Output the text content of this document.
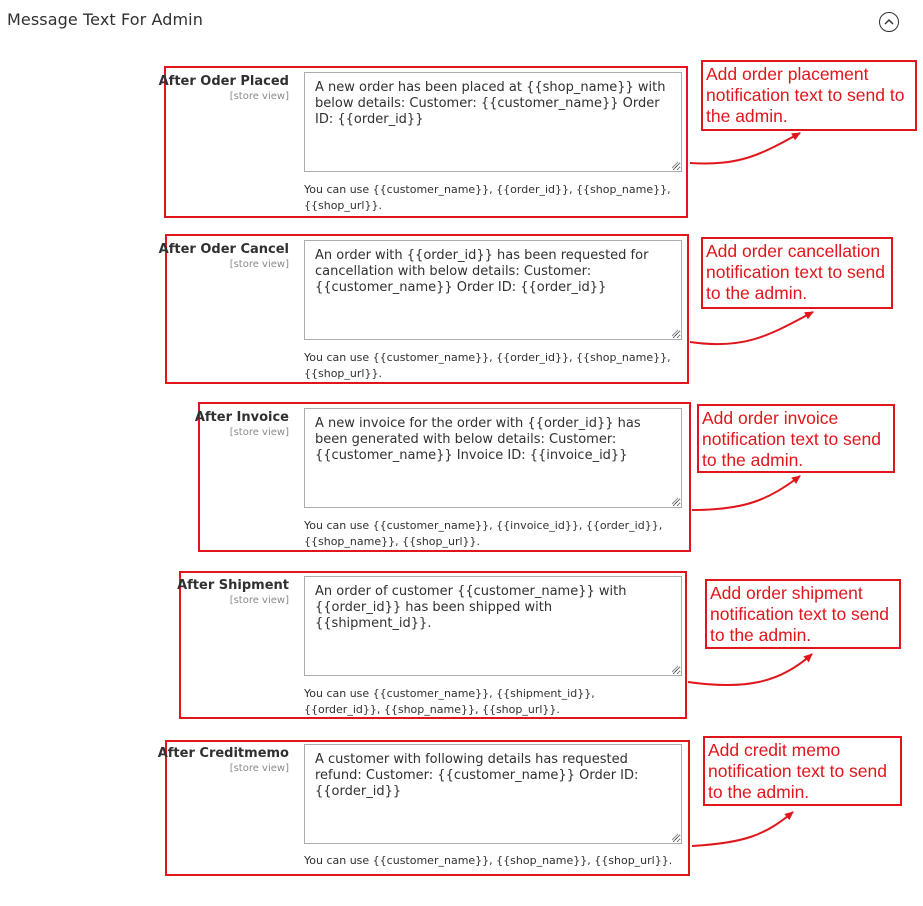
Message Text For Admin
After Oder Placed
[store view]
A new order has been placed at {{shop_name}} with below details: Customer: {{customer_name}} Order ID: {{order_id}}
You can use {{customer_name}}, {{order_id}}, {{shop_name}}, {{shop_url}}.
Add order placement notification text to send to the admin.
After Oder Cancel
[store view]
An order with {{order_id}} has been requested for cancellation with below details: Customer: {{customer_name}} Order ID: {{order_id}}
You can use {{customer_name}}, {{order_id}}, {{shop_name}}, {{shop_url}}.
Add order cancellation notification text to send to the admin.
After Invoice
[store view]
A new invoice for the order with {{order_id}} has been generated with below details: Customer: {{customer_name}} Invoice ID: {{invoice_id}}
You can use {{customer_name}}, {{invoice_id}}, {{order_id}}, {{shop_name}}, {{shop_url}}.
Add order invoice notification text to send to the admin.
After Shipment
[store view]
An order of customer {{customer_name}} with {{order_id}} has been shipped with {{shipment_id}}.
You can use {{customer_name}}, {{shipment_id}}, {{order_id}}, {{shop_name}}, {{shop_url}}.
Add order shipment notification text to send to the admin.
After Creditmemo
[store view]
A customer with following details has requested refund: Customer: {{customer_name}} Order ID: {{order_id}}
You can use {{customer_name}}, {{shop_name}}, {{shop_url}}.
Add credit memo notification text to send to the admin.
